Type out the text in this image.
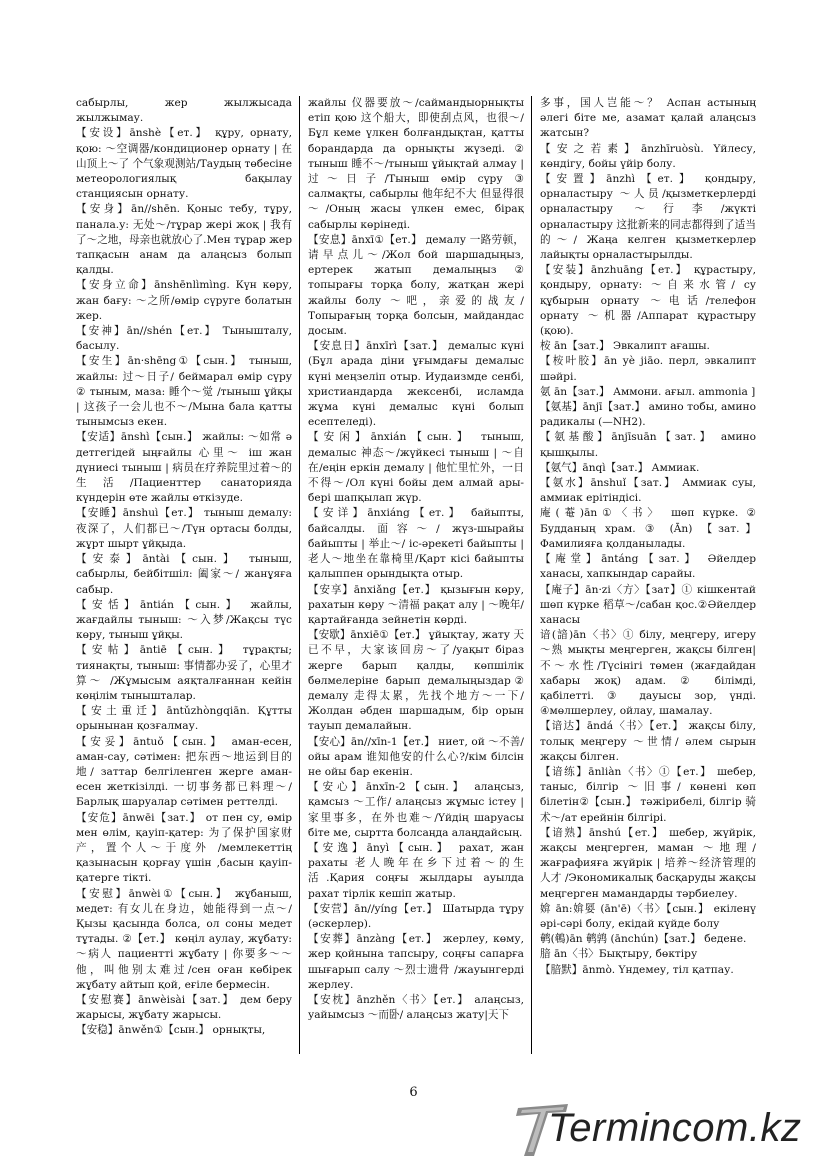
сабырлы, жер жылжысада жылжымау.

【安设】ānshè【ет.】 құру, орнату, қою: ～空调器/кондиционер орнату | 在山顶上～了 个气象观测站/Таудың төбесіне метеорологиялық бақылау станциясын орнату.

【安身】ān//shēn. Қоныс тебу, тұру, панала.у: 无处～/тұрар жері жоқ | 我有了～之地，母亲也就放心了.Мен тұрар жер тапқасын анам да алаңсыз болып қалды.

【安身立命】ānshēnlìmìng. Күн көру, жан бағу: ～之所/өмір сүруге болатын жер.

【安神】ān//shén【ет.】 Тынышталу, басылу.

【安生】ān·shēng①【сын.】 тыныш, жайлы: 过～日子/ беймарал өмір сүру ② тыным, маза: 睡个～觉 /тыныш ұйқы | 这孩子一会儿也不～/Мына бала қатты тынымсыз екен.

【安适】ānshì【сын.】 жайлы: ～如常 ә детгегідей ыңғайлы 心里～ іш жан дүниесі тыныш | 病员在疗养院里过着～的生活/Пациенттер санаторияда күндерін өте жайлы өткізуде.

【安睡】ānshuì【ет.】 тыныш демалу: 夜深了，人们都已～/Түн ортасы болды, жұрт шырт ұйқыда.

【安泰】āntài【сын.】 тыныш, сабырлы, бейбітшіл: 阖家～/ жанұяға сабыр.

【安恬】āntián【сын.】 жайлы, жағдайлы тыныш: ～入梦/Жақсы түс көру, тыныш ұйқы.

【安帖】āntiē【сын.】 тұрақты; тиянақты, тыныш: 事情都办妥了，心里才算～ /Жұмысым аяқталғаннан кейін көңілім тынышталар.

【安土重迁】āntǔzhòngqiān. Құтты орынынан қозғалмау.

【安妥】āntuǒ【сын.】 аман-есен, аман-сау, сәтімен: 把东西～地运到目的地/ заттар белгіленген жерге аман-есен жеткізілді. 一切事务都已料理～/Барлық шаруалар сәтімен реттелді.

【安危】ānwēi【зат.】 от пен су, өмір мен өлім, қауіп-қатер: 为了保护国家财产，置个人～于度外 /мемлекеттің қазынасын қорғау үшін ,басын қауіп-қатерге тікті.

【安慰】ānwèi①【сын.】 жұбаныш, медет: 有女儿在身边，她能得到一点～/Қызы қасында болса, ол соны медет тұтады. ②【ет.】 көңіл аулау, жұбату: ～病人 пациентті жұбату | 你要多～～他，叫他别太难过/сен оған көбірек жұбату айтып қой, еғіле бермесін.

【安慰赛】ānwèisài【зат.】 дем беру жарысы, жұбату жарысы.

【安稳】ānwěn①【сын.】 орнықты,

жайлы 仪器要放～/саймандыорнықты етіп қою 这个船大，即使刮点风，也很～/Бұл кеме үлкен болғандықтан, қатты борандарда да орнықты жүзеді. ② тыныш 睡不～/тыныш ұйықтай алмау | 过～日子/Тыныш өмір сүру ③ салмақты, сабырлы 他年纪不大 但显得很～/Оның жасы үлкен емес, бірақ сабырлы көрінеді.

【安息】ānxī①【ет.】 демалу 一路劳顿，请早点儿～/Жол бой шаршадыңыз, ертерек жатып демалыңыз② топырағы торқа болу, жатқан жері жайлы болу ～吧，亲爱的战友/Топырағың торқа болсын, майдандас досым.

【安息日】ānxīrì【зат.】 демалыс күні (Бұл арада діни ұғымдағы демалыс күні меңзеліп отыр. Иудаизмде сенбі, христиандарда жексенбі, исламда жұма күні демалыс күні болып есептеледі).

【安闲】ānxián【сын.】 тыныш, демалыс 神态～/жүйкесі тыныш | ～自在/еңін еркін демалу | 他忙里忙外，一日不得～/Ол күні бойы дем алмай ары-бері шапқылап жүр.

【安详】ānxiáng【ет.】 байыпты, байсалды. 面容～/ жүз-шырайы байыпты | 举止～/ іс-әрекеті байыпты | 老人～地坐在靠椅里/Қарт кісі байыпты қалыппен орындықта отыр.

【安享】ānxiǎng【ет.】 қызығын көру, рахатын көру ～清福 рақат алу | ～晚年/ қартайғанда зейнетін көрді.

【安歇】ānxiē①【ет.】 ұйықтау, жату 天已不早，大家该回房～了/уақыт біраз жерге барып қалды, көпшілік бөлмелеріне барып демалыңыздар② демалу 走得太累，先找个地方～一下/Жолдан әбден шаршадым, бір орын тауып демалайын.

【安心】ān//xīn-1【ет.】 ниет, ой ～不善/ойы арам 谁知他安的什么心?/кім білсін не ойы бар екенін.

【安心】ānxīn-2【сын.】 алаңсыз, қамсыз ～工作/ алаңсыз жұмыс істеу | 家里事多，在外也难～/Үйдің шаруасы біте ме, сыртта болсаңда алаңдайсың.

【安逸】ānyì【сын.】 рахат, жан рахаты 老人晚年在乡下过着～的生活.Қария соңғы жылдары ауылда рахат тірлік кешіп жатыр.

【安营】ān//yíng【ет.】 Шатырда тұру (әскерлер).

【安葬】ānzàng【ет.】 жерлеу, көму, жер қойнына тапсыру, соңғы сапарға шығарып салу ～烈士遗骨 /жауынгерді жерлеу.

【安枕】ānzhěn〈书〉【ет.】 алаңсыз, уайымсыз ～而卧/ алаңсыз жату|天下

多事，国人岂能～？ Аспан астының әлегі біте ме, азамат қалай алаңсыз жатсын?

【安之若素】ānzhīruòsù. Үйлесу, көндігу, бойы үйір болу.

【安置】ānzhì【ет.】 қондыру, орналастыру ～人员/қызметкерлерді орналастыру ～行李/жүкті орналастыру 这批新来的同志都得到了适当的～/ Жаңа келген қызметкерлер лайықты орналастырылды.

【安装】ānzhuāng【ет.】 құрастыру, қондыру, орнату: ～自来水管/ су құбырын орнату ～电话/телефон орнату ～机器/Аппарат құрастыру (қою).

桉 ān【зат.】 Эвкалипт ағашы.

【桉叶胶】ān yè jiāo. перл, эвкалипт шәйрі.

氨 ān【зат.】 Аммони. ағыл. ammonia ]

【氨基】ānjī【зат.】 амино тобы, амино радикалы (—NH2).

【氨基酸】ānjīsuān【зат.】 амино қышқылы.

【氨气】ānqì【зат.】 Аммиак.

【氨水】ānshuǐ【зат.】 Аммиак суы, аммиак ерітіндісі.

庵(菴)ān①〈书〉 шөп күрке. ② Будданың храм. ③ (Ān) 【зат.】 Фамилияға қолданылады.

【庵堂】āntáng【зат.】 Әйелдер ханасы, хапкындар сарайы.

【庵子】ān·zi〈方〉【зат】① кішкентай шөп күрке 稻草～/сабан қос.②Әйелдер ханасы

谙(諳)ān〈书〉① білу, меңгеру, игеру ～熟 мықты меңгерген, жақсы білген| 不～水性/Түсінігі төмен (жағдайдан хабары жоқ) адам. ② білімді, қабілетті. ③ дауысы зор, үнді. ④мөлшерлеу, ойлау, шамалау.

【谙达】āndá〈书〉【ет.】 жақсы білу, толық меңгеру ～世情/ әлем сырын жақсы білген.

【谙练】ānliàn〈书〉①【ет.】 шебер, таныс, білгір ～旧事/ көнені көп білетін②【сын.】 тәжірибелі, білгір 骑术～/ат ерейнін білгірі.

【谙熟】ānshú【ет.】 шебер, жүйрік, жақсы меңгерген, маман ～地理/жағрафияға жүйрік | 培养～经济管理的人才 /Экономикалық басқаруды жақсы меңгерген мамандарды тәрбиелеу.

媕 ān:媕娿 (ān'ē)〈书〉【сын.】 екіленү әрі-сәрі болу, екідай күйде болу

鹌(鵪)ān 鹌鹑 (ānchún)【зат.】 бедене.

腤 ān〈书〉Бықтыру, бөктіру

【腤默】ānmò. Үндемеу, тіл қатпау.

6
Termincom.kz
